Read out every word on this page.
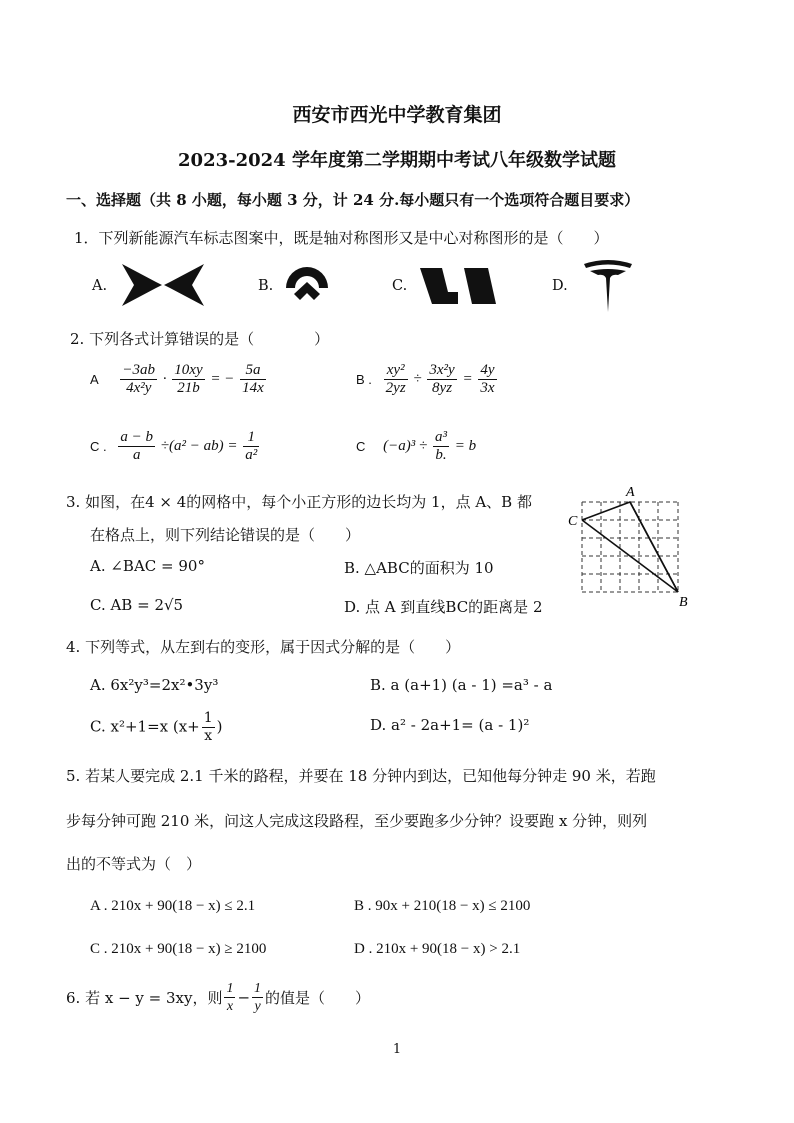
西安市西光中学教育集团
2023-2024 学年度第二学期期中考试八年级数学试题
一、选择题（共 8 小题，每小题 3 分，计 24 分.每小题只有一个选项符合题目要求）
1．下列新能源汽车标志图案中，既是轴对称图形又是中心对称图形的是（　　）
A.	B.	C.	D.
2. 下列各式计算错误的是（　　　　）
A $\frac{-3ab}{\text{4x²y}} \cdot \frac{10xy}{21b}$ = − $\frac{5a}{14x}$	B . $\frac{\text{xy²}}{2yz} \div \frac{\text{3x²y}}{8yz} = \frac{4y}{3x}$
C . $\frac{a - b}{a} \div(a^2 - ab) = \frac{1}{\text{a²}}$	C $(-a)^3 \div \frac{\text{a³}}{b.} = b$
3. 如图，在4 × 4的网格中，每个小正方形的边长均为 1，点 A、B 都
在格点上，则下列结论错误的是（　　）
A. ∠BAC = 90°	B. △ABC的面积为 10
C. AB = 2√5	D. 点 A 到直线BC的距离是 2
A
B
C
4. 下列等式，从左到右的变形，属于因式分解的是（　　）
A. 6x²y³=2x²•3y³	B. a (a+1) (a - 1) =a³ - a
C. x²+1=x ($x+ \frac{1}{x}$ )	D. a² - 2a+1= (a - 1)²
5. 若某人要完成 2.1 千米的路程，并要在 18 分钟内到达，已知他每分钟走 90 米，若跑
步每分钟可跑 210 米，问这人完成这段路程，至少要跑多少分钟？设要跑 x 分钟，则列
出的不等式为（　）
A . 210x + 90(18 − x) ≤ 2.1	B . 90x + 210(18 − x) ≤ 2100
C . 210x + 90(18 − x) ≥ 2100	D . 210x + 90(18 − x) > 2.1
6. 若 x − y = 3xy，则 $\frac{1}{x} - \frac{1}{y}$ 的值是（　　）
1
